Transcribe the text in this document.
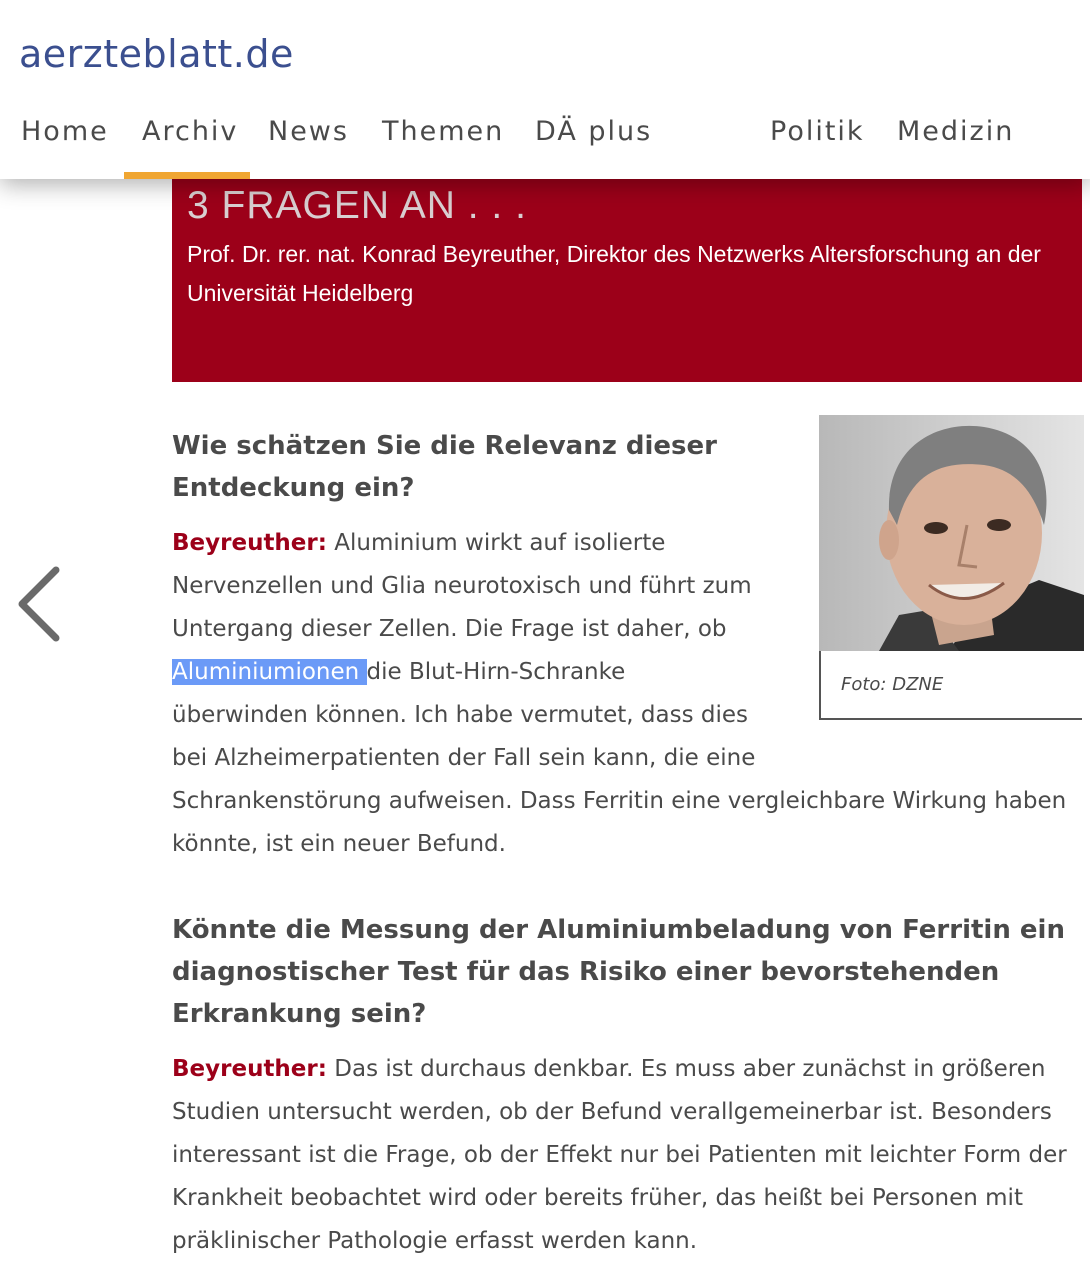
aerzteblatt.de
Home Archiv News Themen DÄ plus	Politik Medizin
3 FRAGEN AN . . .
Prof. Dr. rer. nat. Konrad Beyreuther, Direktor des Netzwerks Altersforschung an der Universität Heidelberg
Foto: DZNE
Wie schätzen Sie die Relevanz dieser
Entdeckung ein?
Beyreuther: Aluminium wirkt auf isolierte
Nervenzellen und Glia neurotoxisch und führt zum
Untergang dieser Zellen. Die Frage ist daher, ob
Aluminiumionen die Blut-Hirn-Schranke
überwinden können. Ich habe vermutet, dass dies
bei Alzheimerpatienten der Fall sein kann, die eine
Schrankenstörung aufweisen. Dass Ferritin eine vergleichbare Wirkung haben
könnte, ist ein neuer Befund.
Könnte die Messung der Aluminiumbeladung von Ferritin ein
diagnostischer Test für das Risiko einer bevorstehenden
Erkrankung sein?
Beyreuther: Das ist durchaus denkbar. Es muss aber zunächst in größeren
Studien untersucht werden, ob der Befund verallgemeinerbar ist. Besonders
interessant ist die Frage, ob der Effekt nur bei Patienten mit leichter Form der
Krankheit beobachtet wird oder bereits früher, das heißt bei Personen mit
präklinischer Pathologie erfasst werden kann.
